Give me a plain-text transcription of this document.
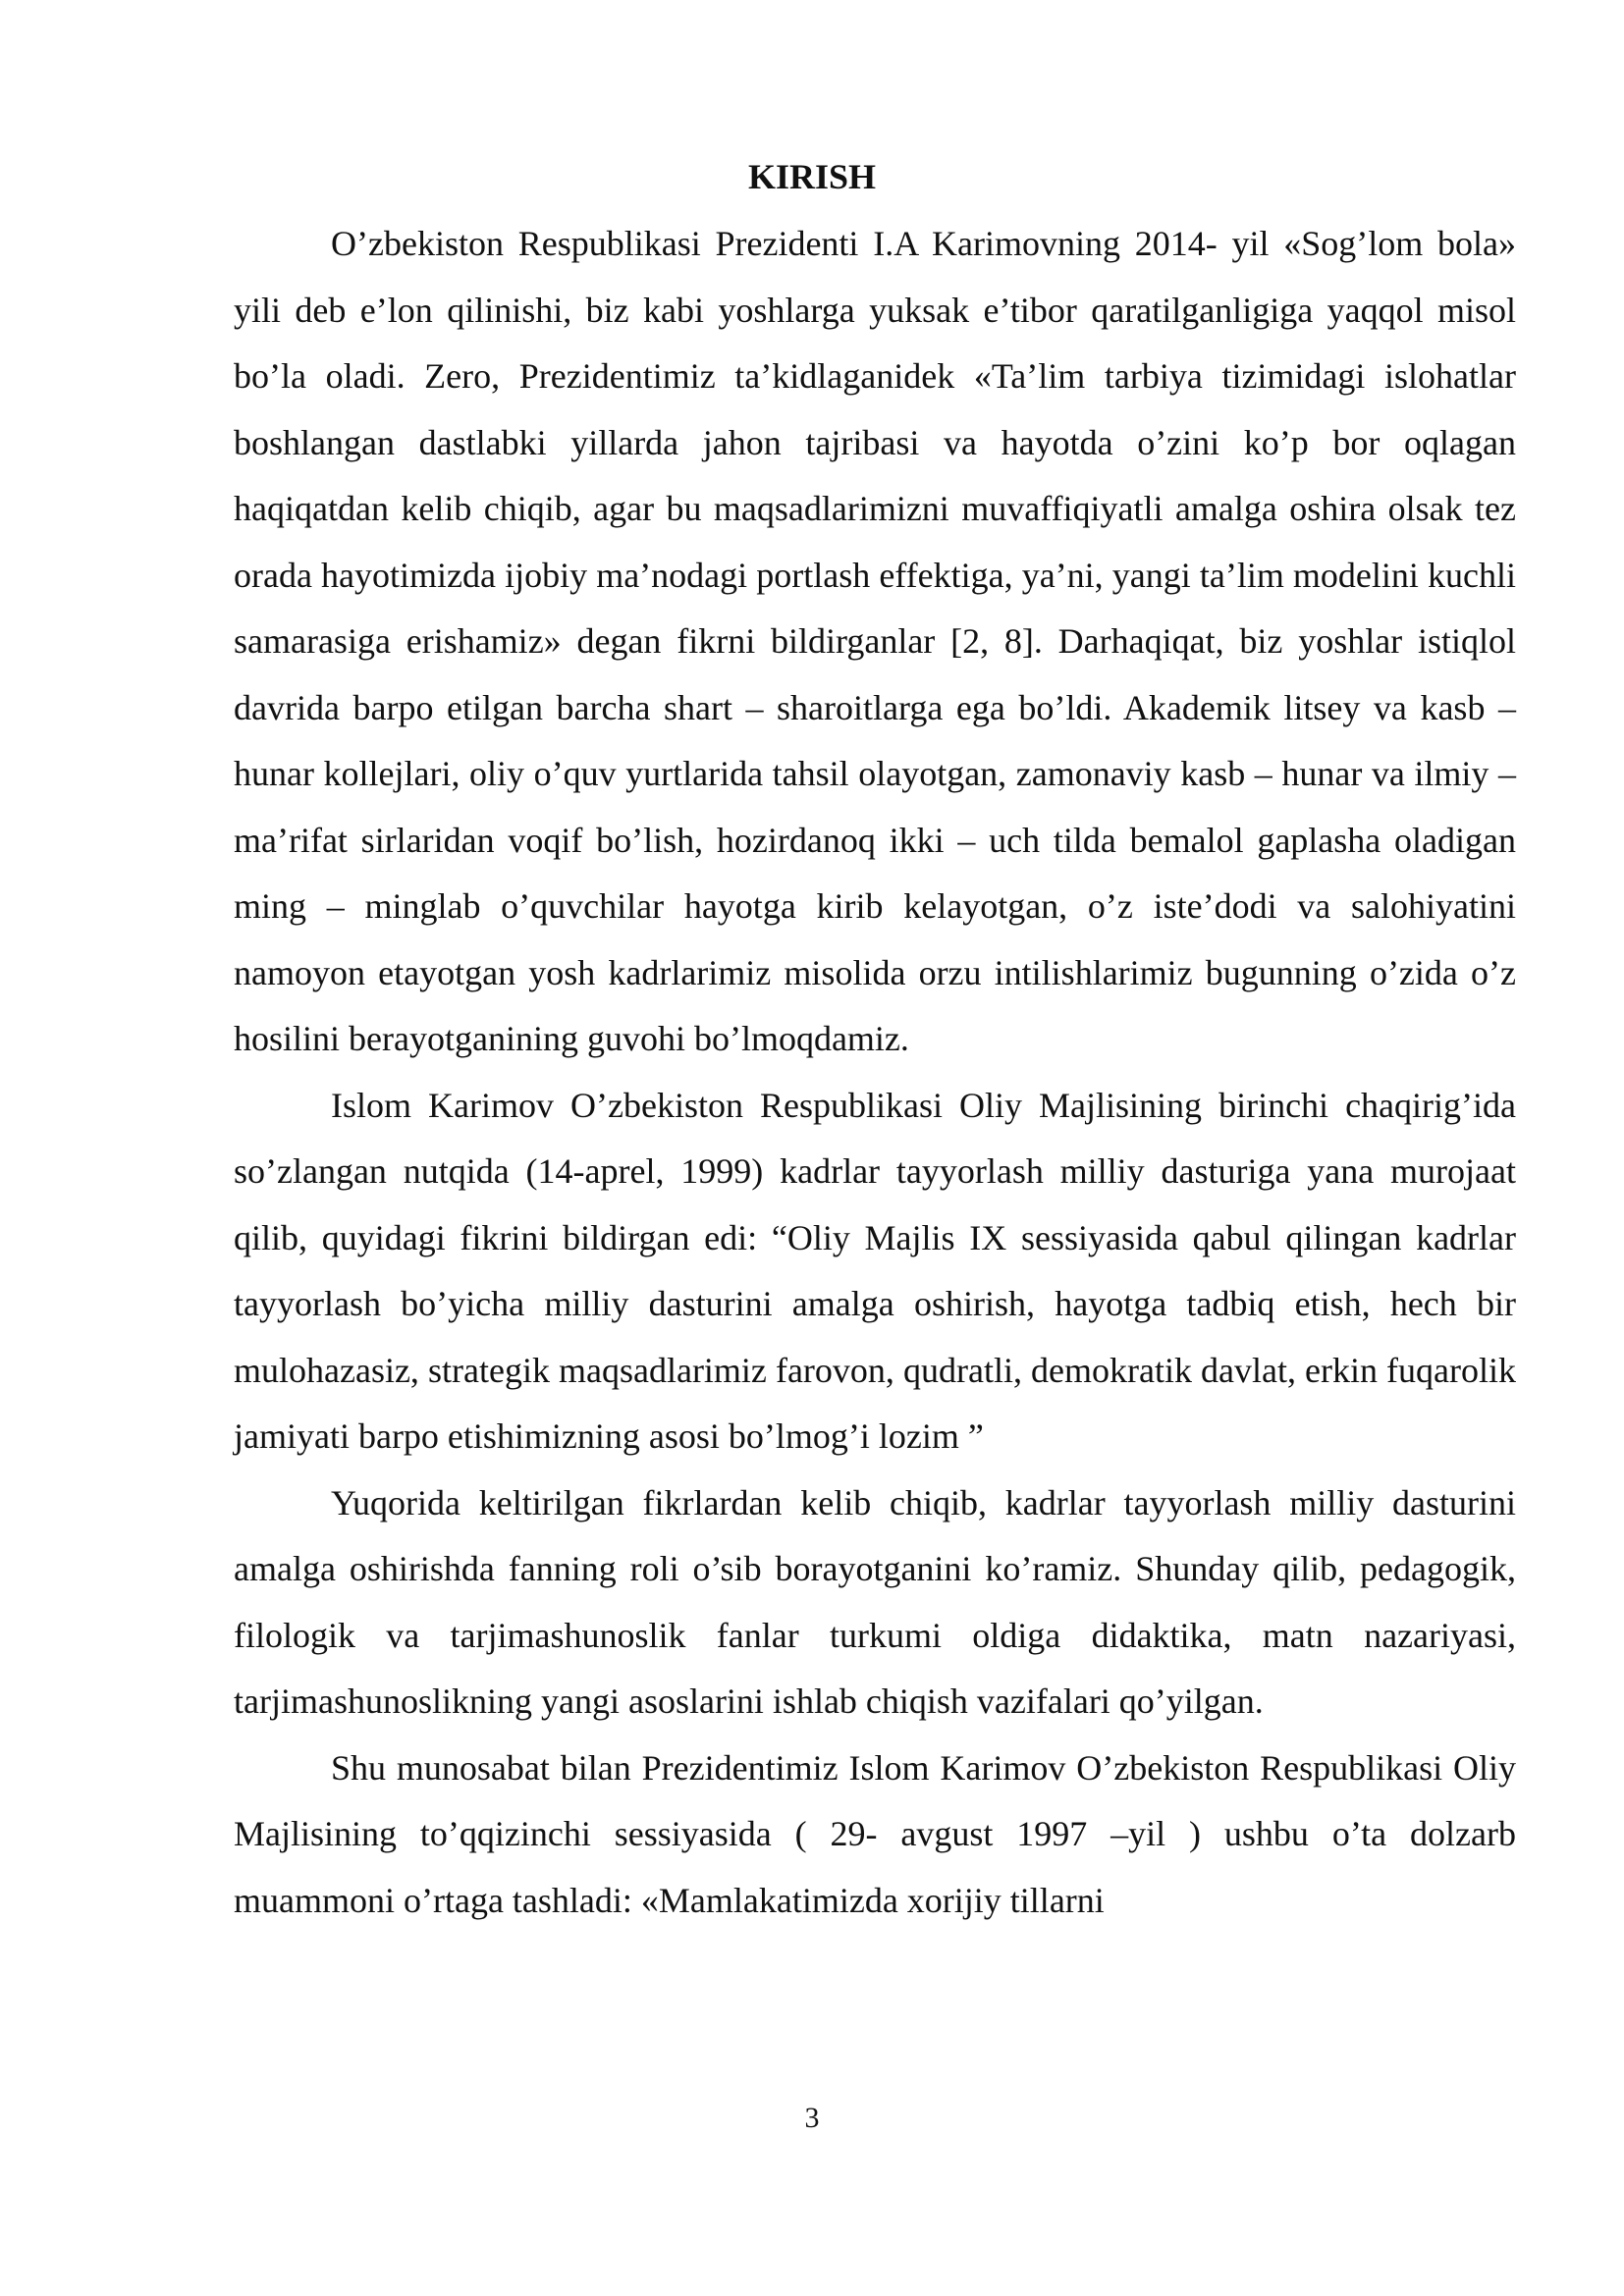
KIRISH

O’zbekiston Respublikasi Prezidenti I.A Karimovning 2014- yil «Sog’lom bola» yili deb e’lon qilinishi, biz kabi yoshlarga yuksak e’tibor qaratilganligiga yaqqol misol bo’la oladi. Zero, Prezidentimiz ta’kidlaganidek «Ta’lim tarbiya tizimidagi islohatlar boshlangan dastlabki yillarda jahon tajribasi va hayotda o’zini ko’p bor oqlagan haqiqatdan kelib chiqib, agar bu maqsadlarimizni muvaffiqiyatli amalga oshira olsak tez orada hayotimizda ijobiy ma’nodagi portlash effektiga, ya’ni, yangi ta’lim modelini kuchli samarasiga erishamiz» degan fikrni bildirganlar [2, 8]. Darhaqiqat, biz yoshlar istiqlol davrida barpo etilgan barcha shart – sharoitlarga ega bo’ldi. Akademik litsey va kasb – hunar kollejlari, oliy o’quv yurtlarida tahsil olayotgan, zamonaviy kasb – hunar va ilmiy – ma’rifat sirlaridan voqif bo’lish, hozirdanoq ikki – uch tilda bemalol gaplasha oladigan ming – minglab o’quvchilar hayotga kirib kelayotgan, o’z iste’dodi va salohiyatini namoyon etayotgan yosh kadrlarimiz misolida orzu intilishlarimiz bugunning o’zida o’z hosilini berayotganining guvohi bo’lmoqdamiz.

Islom Karimov O’zbekiston Respublikasi Oliy Majlisining birinchi chaqirig’ida so’zlangan nutqida (14-aprel, 1999) kadrlar tayyorlash milliy dasturiga yana murojaat qilib, quyidagi fikrini bildirgan edi: “Oliy Majlis IX sessiyasida qabul qilingan kadrlar tayyorlash bo’yicha milliy dasturini amalga oshirish, hayotga tadbiq etish, hech bir mulohazasiz, strategik maqsadlarimiz farovon, qudratli, demokratik davlat, erkin fuqarolik jamiyati barpo etishimizning asosi bo’lmog’i lozim ”

Yuqorida keltirilgan fikrlardan kelib chiqib, kadrlar tayyorlash milliy dasturini amalga oshirishda fanning roli o’sib borayotganini ko’ramiz. Shunday qilib, pedagogik, filologik va tarjimashunoslik fanlar turkumi oldiga didaktika, matn nazariyasi, tarjimashunoslikning yangi asoslarini ishlab chiqish vazifalari qo’yilgan.

Shu munosabat bilan Prezidentimiz Islom Karimov O’zbekiston Respublikasi Oliy Majlisining to’qqizinchi sessiyasida ( 29- avgust 1997 –yil ) ushbu o’ta dolzarb muammoni o’rtaga tashladi: «Mamlakatimizda xorijiy tillarni

3
